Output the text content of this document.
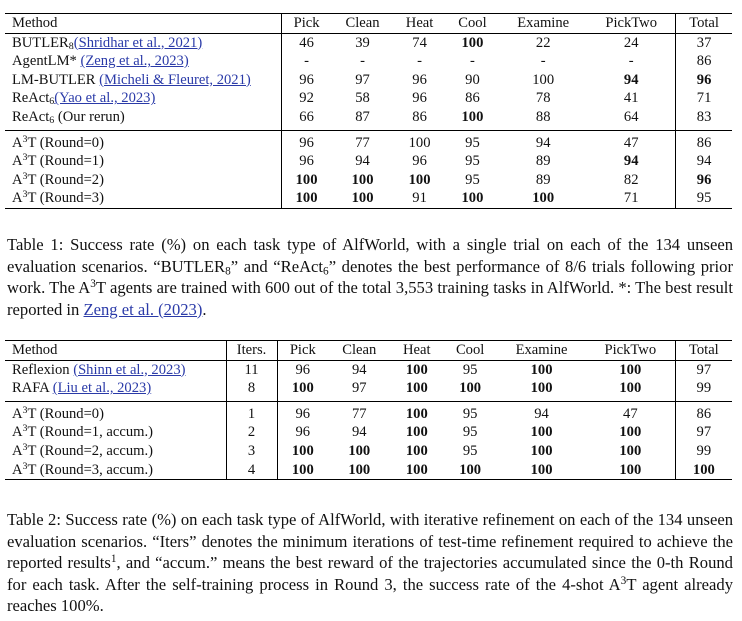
Method	Pick	Clean	Heat	Cool	Examine	PickTwo	Total
$BUTLER_8(Shridhar$ et al., 2021)	46	39	74	100	22	24	37
AgentLM* (Zeng et al., 2023)	-	-	-	-	-	-	86
LM-BUTLER (Micheli & Fleuret, 2021)	96	97	96	90	100	94	96
ReAct$_6$(Yao et al., 2023)	92	58	96	86	78	41	71
ReAct$_6$ (Our rerun)	66	87	86	100	88	64	83
$A^3T$ (Round=0)	96	77	100	95	94	47	86
$A^3T$ (Round=1)	96	94	96	95	89	94	94
$A^3T$ (Round=2)	100	100	100	95	89	82	96
$A^3T$ (Round=3)	100	100	91	100	100	71	95
Table 1: Success rate (%) on each task type of AlfWorld, with a single trial on each of the 134 unseen evaluation scenarios. “$BUTLER_8$” and “ReAct$_6$” denotes the best performance of 8/6 trials following prior work. The $A^3T$ agents are trained with 600 out of the total 3,553 training tasks in AlfWorld. *: The best result reported in Zeng et al. (2023).
Method	Iters.	Pick	Clean	Heat	Cool	Examine	PickTwo	Total
Reflexion (Shinn et al., 2023)	11	96	94	100	95	100	100	97
RAFA (Liu et al., 2023)	8	100	97	100	100	100	100	99
$A^3T$ (Round=0)	1	96	77	100	95	94	47	86
$A^3T$ (Round=1, accum.)	2	96	94	100	95	100	100	97
$A^3T$ (Round=2, accum.)	3	100	100	100	95	100	100	99
$A^3T$ (Round=3, accum.)	4	100	100	100	100	100	100	100
Table 2: Success rate (%) on each task type of AlfWorld, with iterative refinement on each of the 134 unseen evaluation scenarios. “Iters” denotes the minimum iterations of test-time refinement required to achieve the reported results$^1$, and “accum.” means the best reward of the trajectories accumulated since the 0-th Round for each task. After the self-training process in Round 3, the success rate of the 4-shot $A^3T$ agent already reaches 100%.
